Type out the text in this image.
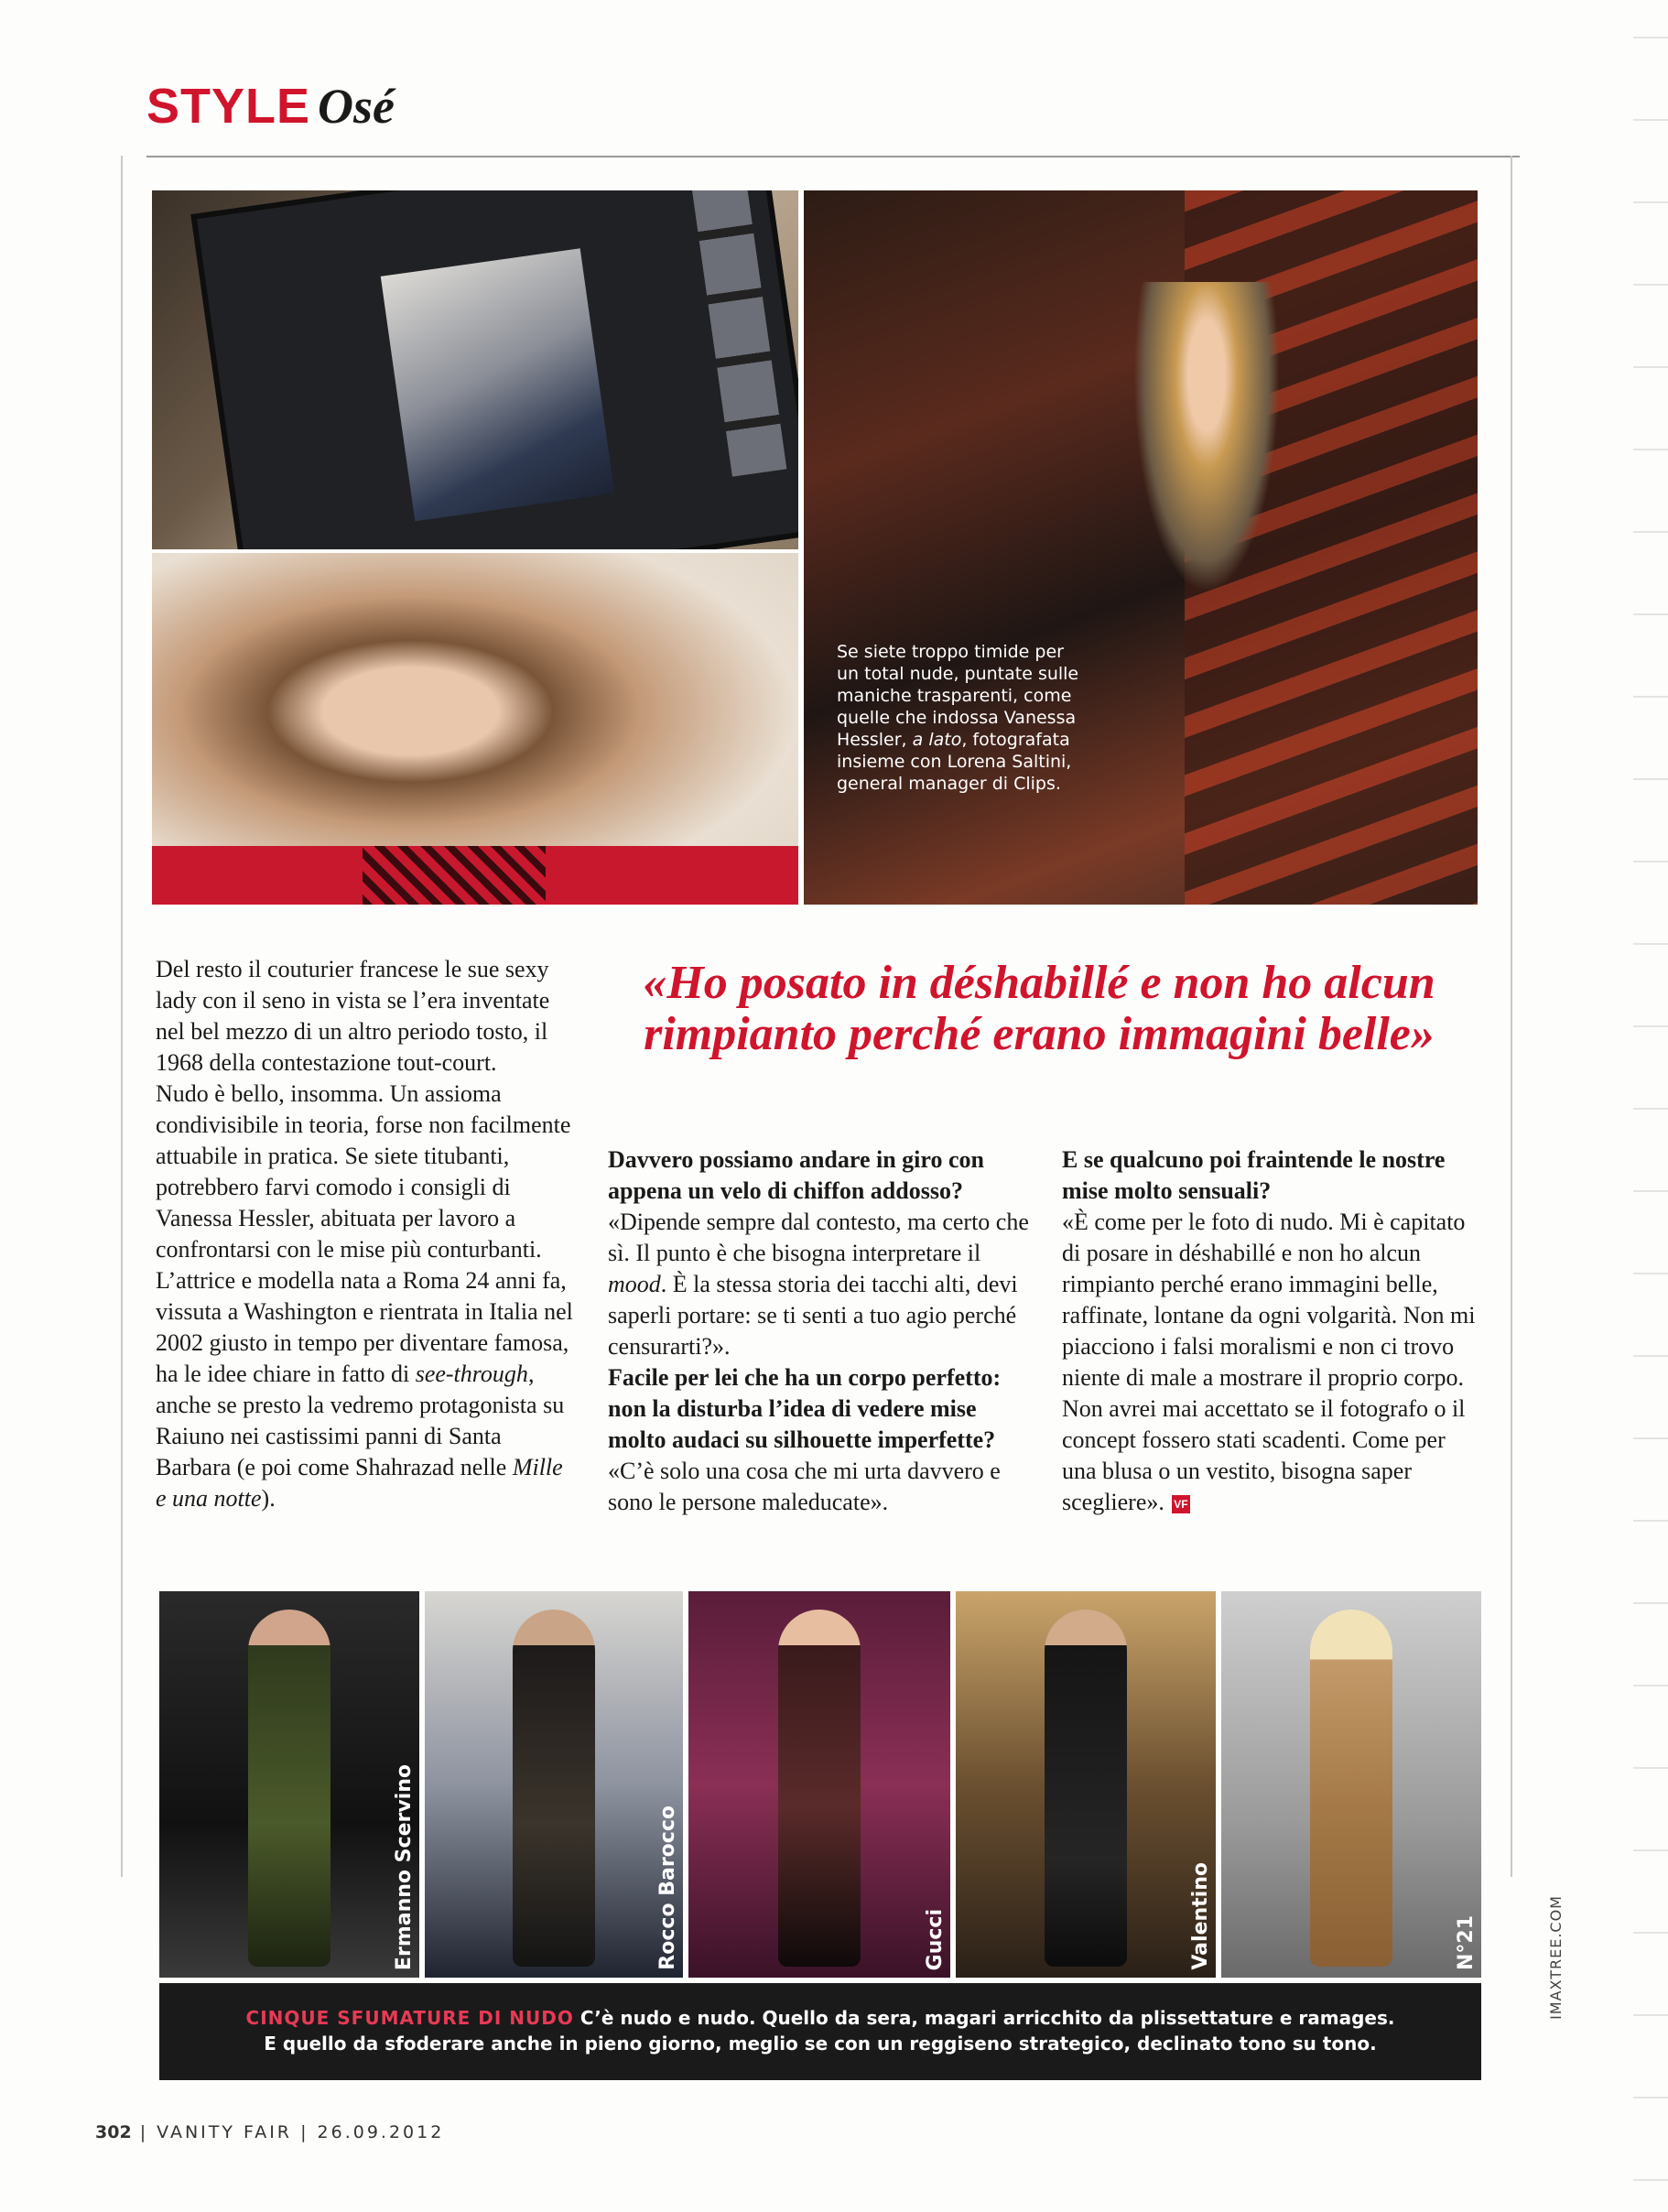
STYLE Osé
Se siete troppo timide per un total nude, puntate sulle maniche trasparenti, come quelle che indossa Vanessa Hessler, a lato, fotografata insieme con Lorena Saltini, general manager di Clips.

Del resto il couturier francese le sue sexy lady con il seno in vista se l’era inventate nel bel mezzo di un altro periodo tosto, il 1968 della contestazione tout-court.

Nudo è bello, insomma. Un assioma condivisibile in teoria, forse non facilmente attuabile in pratica. Se siete titubanti, potrebbero farvi comodo i consigli di Vanessa Hessler, abituata per lavoro a confrontarsi con le mise più conturbanti.

L’attrice e modella nata a Roma 24 anni fa, vissuta a Washington e rientrata in Italia nel 2002 giusto in tempo per diventare famosa, ha le idee chiare in fatto di see-through, anche se presto la vedremo protagonista su Raiuno nei castissimi panni di Santa Barbara (e poi come Shahrazad nelle Mille e una notte).

«Ho posato in déshabillé e non ho alcun rimpianto perché erano immagini belle»

Davvero possiamo andare in giro con appena un velo di chiffon addosso?

«Dipende sempre dal contesto, ma certo che sì. Il punto è che bisogna interpretare il mood. È la stessa storia dei tacchi alti, devi saperli portare: se ti senti a tuo agio perché censurarti?».

Facile per lei che ha un corpo perfetto: non la disturba l’idea di vedere mise molto audaci su silhouette imperfette?

«C’è solo una cosa che mi urta davvero e sono le persone maleducate».

E se qualcuno poi fraintende le nostre mise molto sensuali?

«È come per le foto di nudo. Mi è capitato di posare in déshabillé e non ho alcun rimpianto perché erano immagini belle, raffinate, lontane da ogni volgarità. Non mi piacciono i falsi moralismi e non ci trovo niente di male a mostrare il proprio corpo. Non avrei mai accettato se il fotografo o il concept fossero stati scadenti. Come per una blusa o un vestito, bisogna saper scegliere». VF

Ermanno Scervino	Rocco Barocco	Gucci	Valentino	N°21
CINQUE SFUMATURE DI NUDO C’è nudo e nudo. Quello da sera, magari arricchito da plissettature e ramages.
E quello da sfoderare anche in pieno giorno, meglio se con un reggiseno strategico, declinato tono su tono.
IMAXTREE.COM
302 | VANITY FAIR | 26.09.2012
